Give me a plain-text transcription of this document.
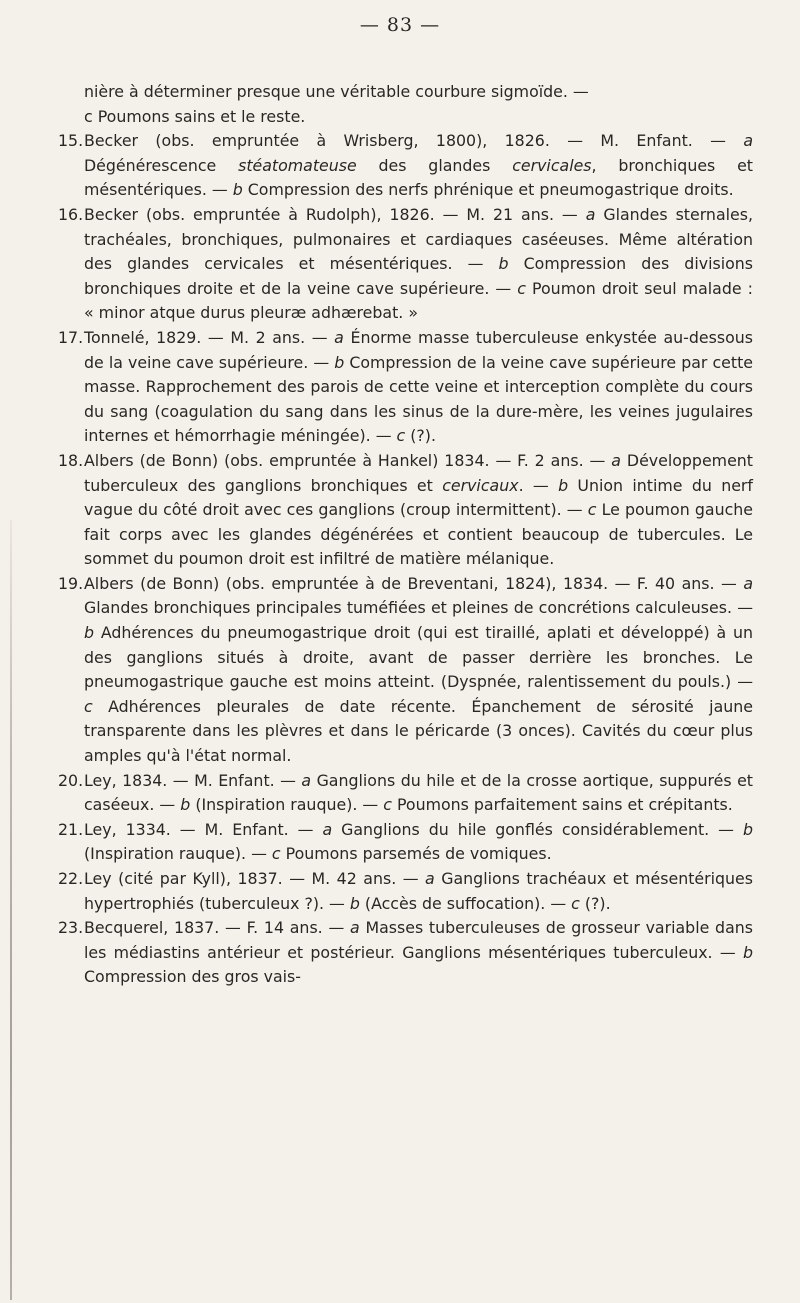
— 83 —
nière à déterminer presque une véritable courbure sigmoïde. —
c Poumons sains et le reste.
15. Becker (obs. empruntée à Wrisberg, 1800), 1826. — M. Enfant. — a Dégénérescence stéatomateuse des glandes cervicales, bronchiques et mésentériques. — b Compression des nerfs phrénique et pneumogastrique droits.
16. Becker (obs. empruntée à Rudolph), 1826. — M. 21 ans. — a Glandes sternales, trachéales, bronchiques, pulmonaires et cardiaques caséeuses. Même altération des glandes cervicales et mésentériques. — b Compression des divisions bronchiques droite et de la veine cave supérieure. — c Poumon droit seul malade : « minor atque durus pleuræ adhærebat. »
17. Tonnelé, 1829. — M. 2 ans. — a Énorme masse tuberculeuse enkystée au-dessous de la veine cave supérieure. — b Compression de la veine cave supérieure par cette masse. Rapprochement des parois de cette veine et interception complète du cours du sang (coagulation du sang dans les sinus de la dure-mère, les veines jugulaires internes et hémorrhagie méningée). — c (?).
18. Albers (de Bonn) (obs. empruntée à Hankel) 1834. — F. 2 ans. — a Développement tuberculeux des ganglions bronchiques et cervicaux. — b Union intime du nerf vague du côté droit avec ces ganglions (croup intermittent). — c Le poumon gauche fait corps avec les glandes dégénérées et contient beaucoup de tubercules. Le sommet du poumon droit est infiltré de matière mélanique.
19. Albers (de Bonn) (obs. empruntée à de Breventani, 1824), 1834. — F. 40 ans. — a Glandes bronchiques principales tuméfiées et pleines de concrétions calculeuses. — b Adhérences du pneumogastrique droit (qui est tiraillé, aplati et développé) à un des ganglions situés à droite, avant de passer derrière les bronches. Le pneumogastrique gauche est moins atteint. (Dyspnée, ralentissement du pouls.) — c Adhérences pleurales de date récente. Épanchement de sérosité jaune transparente dans les plèvres et dans le péricarde (3 onces). Cavités du cœur plus amples qu'à l'état normal.
20. Ley, 1834. — M. Enfant. — a Ganglions du hile et de la crosse aortique, suppurés et caséeux. — b (Inspiration rauque). — c Poumons parfaitement sains et crépitants.
21. Ley, 1334. — M. Enfant. — a Ganglions du hile gonflés considérablement. — b (Inspiration rauque). — c Poumons parsemés de vomiques.
22. Ley (cité par Kyll), 1837. — M. 42 ans. — a Ganglions trachéaux et mésentériques hypertrophiés (tuberculeux ?). — b (Accès de suffocation). — c (?).
23. Becquerel, 1837. — F. 14 ans. — a Masses tuberculeuses de grosseur variable dans les médiastins antérieur et postérieur. Ganglions mésentériques tuberculeux. — b Compression des gros vais-
